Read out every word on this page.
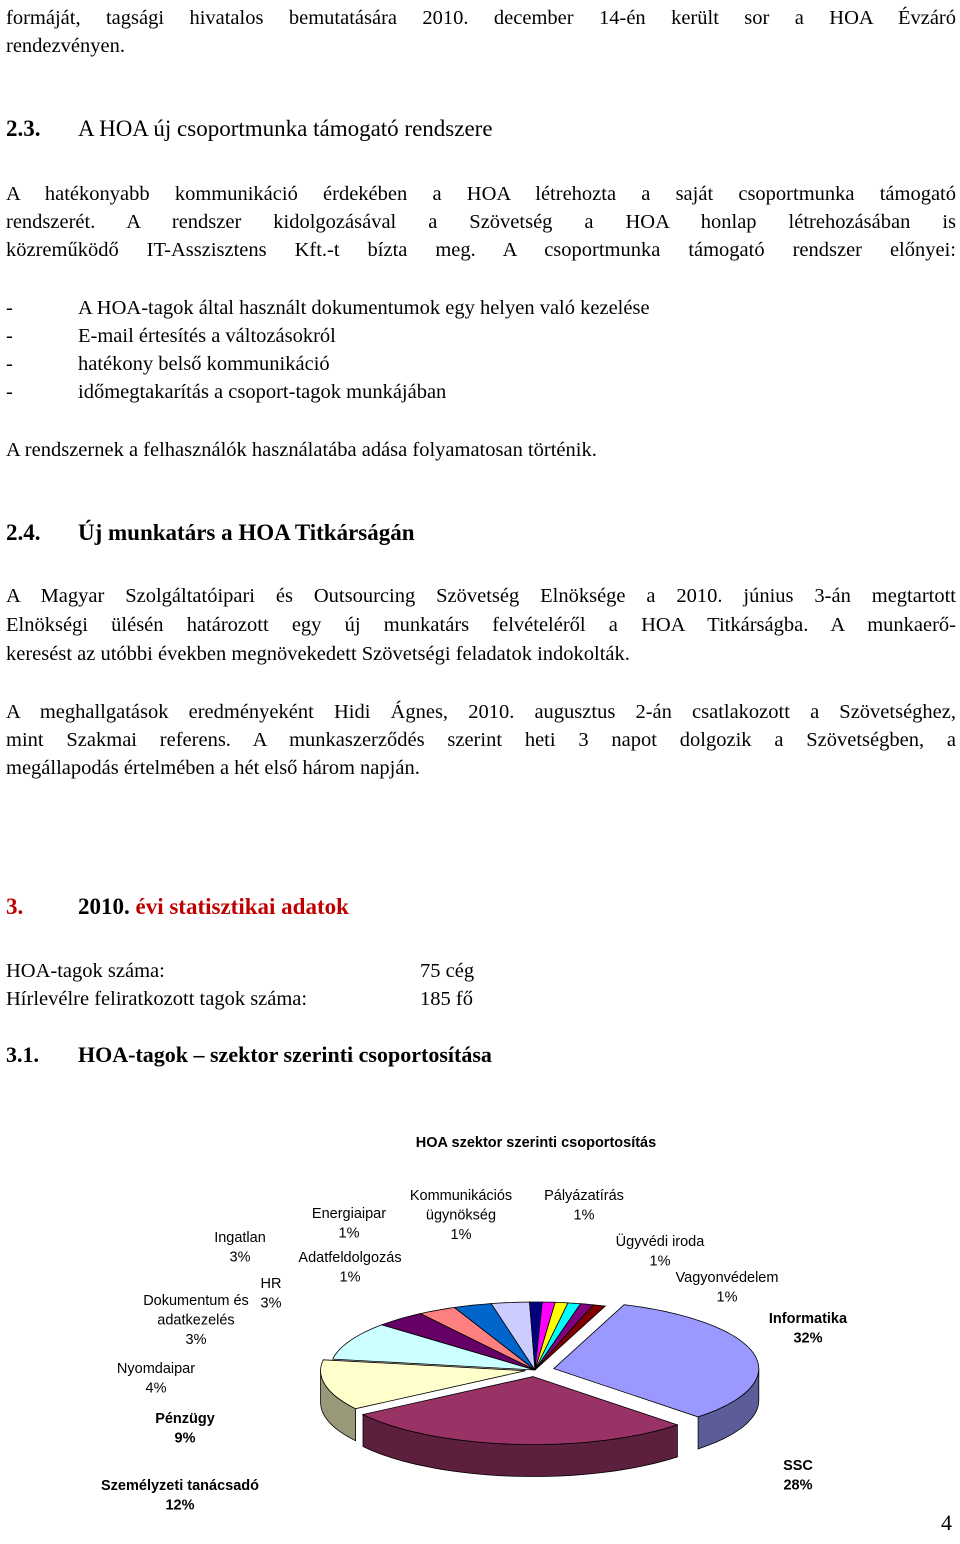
formáját, tagsági hivatalos bemutatására 2010. december 14-én került sor a HOA Évzáró
rendezvényen.
2.3. A HOA új csoportmunka támogató rendszere
A hatékonyabb kommunikáció érdekében a HOA létrehozta a saját csoportmunka támogató
rendszerét. A rendszer kidolgozásával a Szövetség a HOA honlap létrehozásában is
közreműködő IT-Asszisztens Kft.-t bízta meg. A csoportmunka támogató rendszer előnyei:
-	A HOA-tagok által használt dokumentumok egy helyen való kezelése
-	E-mail értesítés a változásokról
-	hatékony belső kommunikáció
-	időmegtakarítás a csoport-tagok munkájában
A rendszernek a felhasználók használatába adása folyamatosan történik.
2.4. Új munkatárs a HOA Titkárságán
A Magyar Szolgáltatóipari és Outsourcing Szövetség Elnöksége a 2010. június 3-án megtartott
Elnökségi ülésén határozott egy új munkatárs felvételéről a HOA Titkárságba. A munkaerő-
keresést az utóbbi években megnövekedett Szövetségi feladatok indokolták.
A meghallgatások eredményeként Hidi Ágnes, 2010. augusztus 2-án csatlakozott a Szövetséghez,
mint Szakmai referens. A munkaszerződés szerint heti 3 napot dolgozik a Szövetségben, a
megállapodás értelmében a hét első három napján.
3. 2010. évi statisztikai adatok
HOA-tagok száma:	75 cég
Hírlevélre feliratkozott tagok száma:	185 fő
3.1. HOA-tagok – szektor szerinti csoportosítása
HOA szektor szerinti csoportosítás
Informatika 32%
SSC 28%
Személyzeti tanácsadó 12%
Pénzügy 9%
Nyomdaipar 4%
Dokumentum és adatkezelés 3%
HR 3%
Ingatlan 3%	Adatfeldolgozás 1%
Energiaipar 1%
Kommunikációs ügynökség 1%
Pályázatírás 1%
Ügyvédi iroda 1%
Vagyonvédelem 1%
4
